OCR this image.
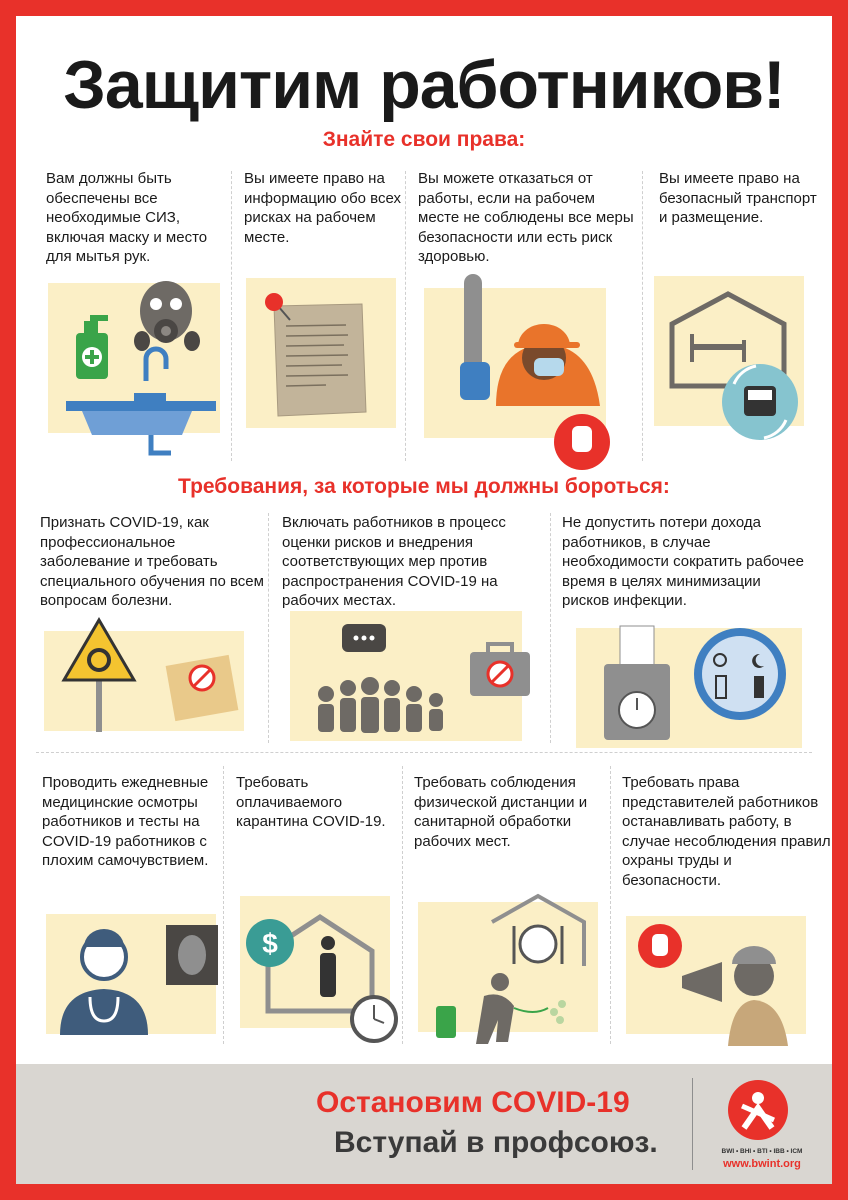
Защитим работников!
Знайте свои права:

Вам должны быть обеспечены все необходимые СИЗ, включая маску и место для мытья рук.

Вы имеете право на информацию обо всех рисках на рабочем месте.

Вы можете отказаться от работы, если на рабочем месте не соблюдены все меры безопасности или есть риск здоровью.

Вы имеете право на безопасный транспорт и размещение.

Требования, за которые мы должны бороться:

Признать COVID-19, как профессиональное заболевание и требовать специального обучения по всем вопросам болезни.

Включать работников в процесс оценки рисков и внедрения соответствующих мер против распространения COVID-19 на рабочих местах.

Не допустить потери дохода работников, в случае необходимости сократить рабочее время в целях минимизации рисков инфекции.

Проводить ежедневные медицинские осмотры работников и тесты на COVID-19 работников с плохим самочувствием.

Требовать оплачиваемого карантина COVID-19.

$

Требовать соблюдения физической дистанции и санитарной обработки рабочих мест.

Требовать права представителей работников останавливать работу, в случае несоблюдения правил охраны труды и безопасности.

Остановим COVID-19

Вступай в профсоюз.	BWI • BHI • BTI • IBB • ICM

www.bwint.org
